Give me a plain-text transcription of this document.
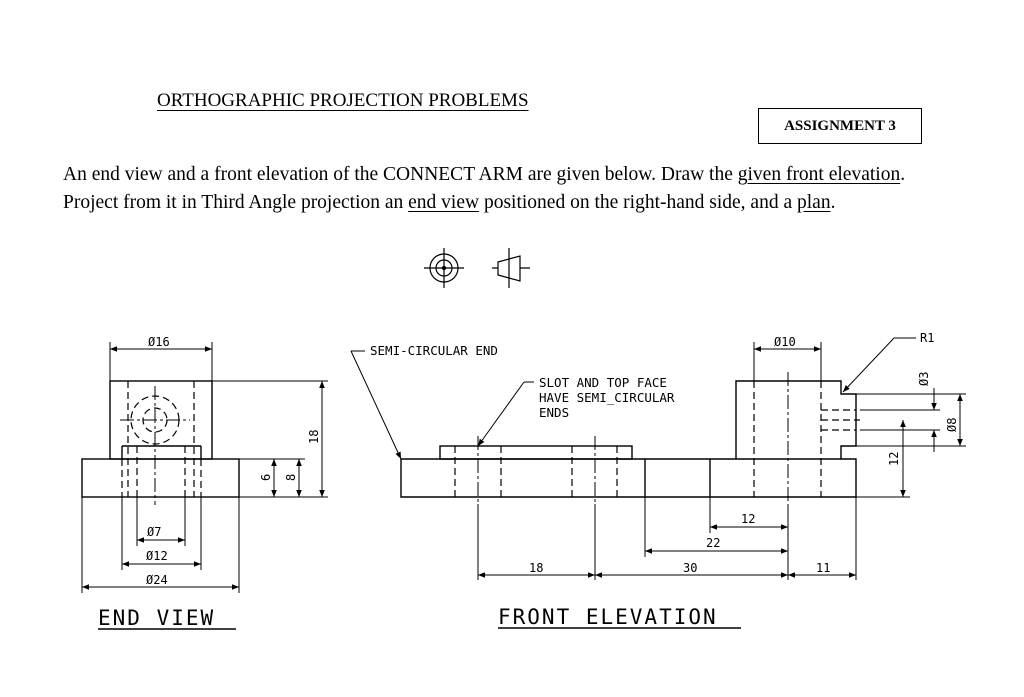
ORTHOGRAPHIC PROJECTION PROBLEMS
ASSIGNMENT 3

An end view and a front elevation of the CONNECT ARM are given below. Draw the given front elevation. Project from it in Third Angle projection an end view positioned on the right-hand side, and a plan.

Ø16
Ø7
Ø12
Ø24
18
8
6
END VIEW
SEMI-CIRCULAR END
SLOT AND TOP FACE
HAVE SEMI_CIRCULAR
ENDS
Ø10	R1
Ø3
Ø8
12
12
22
18	30	11
FRONT ELEVATION
